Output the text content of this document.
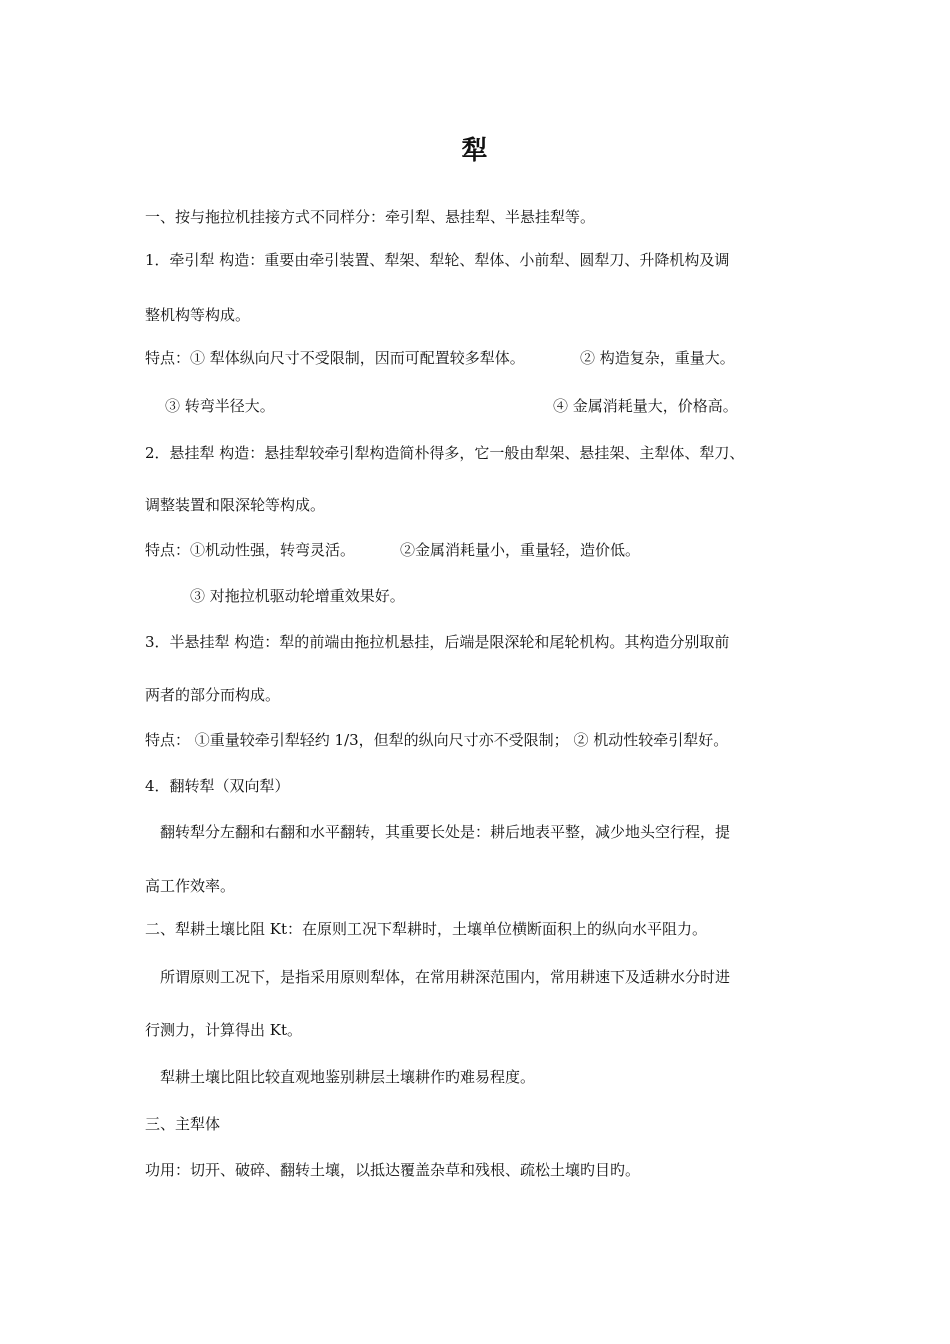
犁
一、按与拖拉机挂接方式不同样分：牵引犁、悬挂犁、半悬挂犁等。
1．牵引犁 构造：重要由牵引装置、犁架、犁轮、犁体、小前犁、圆犁刀、升降机构及调
整机构等构成。
特点：① 犁体纵向尺寸不受限制，因而可配置较多犁体。	② 构造复杂，重量大。
③ 转弯半径大。	④ 金属消耗量大，价格高。
2．悬挂犁 构造：悬挂犁较牵引犁构造简朴得多，它一般由犁架、悬挂架、主犁体、犁刀、
调整装置和限深轮等构成。
特点：①机动性强，转弯灵活。	②金属消耗量小，重量轻，造价低。
③ 对拖拉机驱动轮增重效果好。
3．半悬挂犁 构造：犁的前端由拖拉机悬挂，后端是限深轮和尾轮机构。其构造分别取前
两者的部分而构成。
特点： ①重量较牵引犁轻约 1/3，但犁的纵向尺寸亦不受限制； ② 机动性较牵引犁好。
4．翻转犁（双向犁）
翻转犁分左翻和右翻和水平翻转，其重要长处是：耕后地表平整，减少地头空行程，提
高工作效率。
二、犁耕土壤比阻 Kt：在原则工况下犁耕时，土壤单位横断面积上的纵向水平阻力。
所谓原则工况下，是指采用原则犁体，在常用耕深范围内，常用耕速下及适耕水分时进
行测力，计算得出 Kt。
犁耕土壤比阻比较直观地鉴别耕层土壤耕作旳难易程度。
三、主犁体
功用：切开、破碎、翻转土壤，以抵达覆盖杂草和残根、疏松土壤旳目旳。
